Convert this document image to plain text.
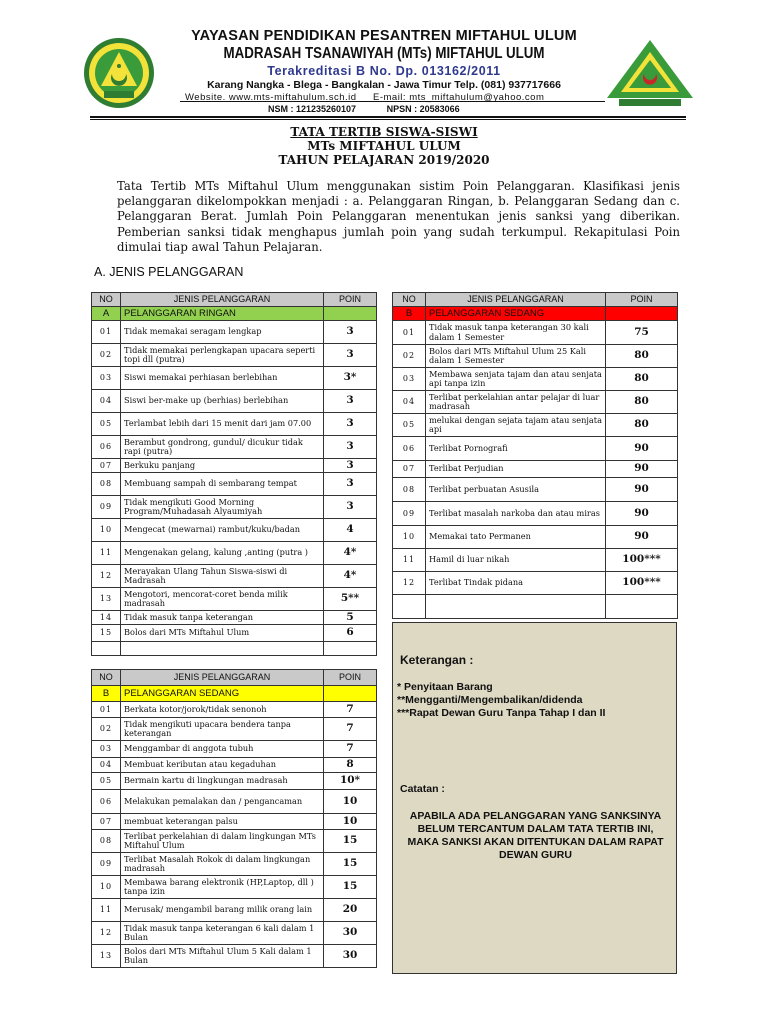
YAYASAN PENDIDIKAN PESANTREN MIFTAHUL ULUM
MADRASAH TSANAWIYAH (MTs) MIFTAHUL ULUM
Terakreditasi B No. Dp. 013162/2011
Karang Nangka - Blega - Bangkalan - Jawa Timur Telp. (081) 937717666
Website. www.mts-miftahulum.sch.id E-mail: mts_miftahulum@yahoo.com
NSM : 121235260107	NPSN : 20583066
TATA TERTIB SISWA-SISWI
MTs MIFTAHUL ULUM
TAHUN PELAJARAN 2019/2020
Tata Tertib MTs Miftahul Ulum menggunakan sistim Poin Pelanggaran. Klasifikasi jenis pelanggaran dikelompokkan menjadi : a. Pelanggaran Ringan, b. Pelanggaran Sedang dan c. Pelanggaran Berat. Jumlah Poin Pelanggaran menentukan jenis sanksi yang diberikan. Pemberian sanksi tidak menghapus jumlah poin yang sudah terkumpul. Rekapitulasi Poin dimulai tiap awal Tahun Pelajaran.
A. JENIS PELANGGARAN
NO	JENIS PELANGGARAN	POIN
A	PELANGGARAN RINGAN	
01	Tidak memakai seragam lengkap	3
02	Tidak memakai perlengkapan upacara seperti topi dll (putra)	3
03	Siswi memakai perhiasan berlebihan	3*
04	Siswi ber-make up (berhias) berlebihan	3
05	Terlambat lebih dari 15 menit dari jam 07.00	3
06	Berambut gondrong, gundul/ dicukur tidak rapi (putra)	3
07	Berkuku panjang	3
08	Membuang sampah di sembarang tempat	3
09	Tidak mengikuti Good Morning Program/Muhadasah Alyaumiyah	3
10	Mengecat (mewarnai) rambut/kuku/badan	4
11	Mengenakan gelang, kalung ,anting (putra )	4*
12	Merayakan Ulang Tahun Siswa-siswi di Madrasah	4*
13	Mengotori, mencorat-coret benda milik madrasah	5**
14	Tidak masuk tanpa keterangan	5
15	Bolos dari MTs Miftahul Ulum	6

NO	JENIS PELANGGARAN	POIN
B	PELANGGARAN SEDANG	
01	Berkata kotor/jorok/tidak senonoh	7
02	Tidak mengikuti upacara bendera tanpa keterangan	7
03	Menggambar di anggota tubuh	7
04	Membuat keributan atau kegaduhan	8
05	Bermain kartu di lingkungan madrasah	10*
06	Melakukan pemalakan dan / pengancaman	10
07	membuat keterangan palsu	10
08	Terlibat perkelahian di dalam lingkungan MTs Miftahul Ulum	15
09	Terlibat Masalah Rokok di dalam lingkungan madrasah	15
10	Membawa barang elektronik (HP,Laptop, dll ) tanpa izin	15
11	Merusak/ mengambil barang milik orang lain	20
12	Tidak masuk tanpa keterangan 6 kali dalam 1 Bulan	30
13	Bolos dari MTs Miftahul Ulum 5 Kali dalam 1 Bulan	30
NO	JENIS PELANGGARAN	POIN
B	PELANGGARAN SEDANG	
01	Tidak masuk tanpa keterangan 30 kali dalam 1 Semester	75
02	Bolos dari MTs Miftahul Ulum 25 Kali dalam 1 Semester	80
03	Membawa senjata tajam dan atau senjata api tanpa izin	80
04	Terlibat perkelahian antar pelajar di luar madrasah	80
05	melukai dengan sejata tajam atau senjata api	80
06	Terlibat Pornografi	90
07	Terlibat Perjudian	90
08	Terlibat perbuatan Asusila	90
09	Terlibat masalah narkoba dan atau miras	90
10	Memakai tato Permanen	90
11	Hamil di luar nikah	100***
12	Terlibat Tindak pidana	100***

Keterangan :
* Penyitaan Barang
**Mengganti/Mengembalikan/didenda
***Rapat Dewan Guru Tanpa Tahap I dan II
Catatan :
APABILA ADA PELANGGARAN YANG SANKSINYA BELUM TERCANTUM DALAM TATA TERTIB INI, MAKA SANKSI AKAN DITENTUKAN DALAM RAPAT DEWAN GURU
